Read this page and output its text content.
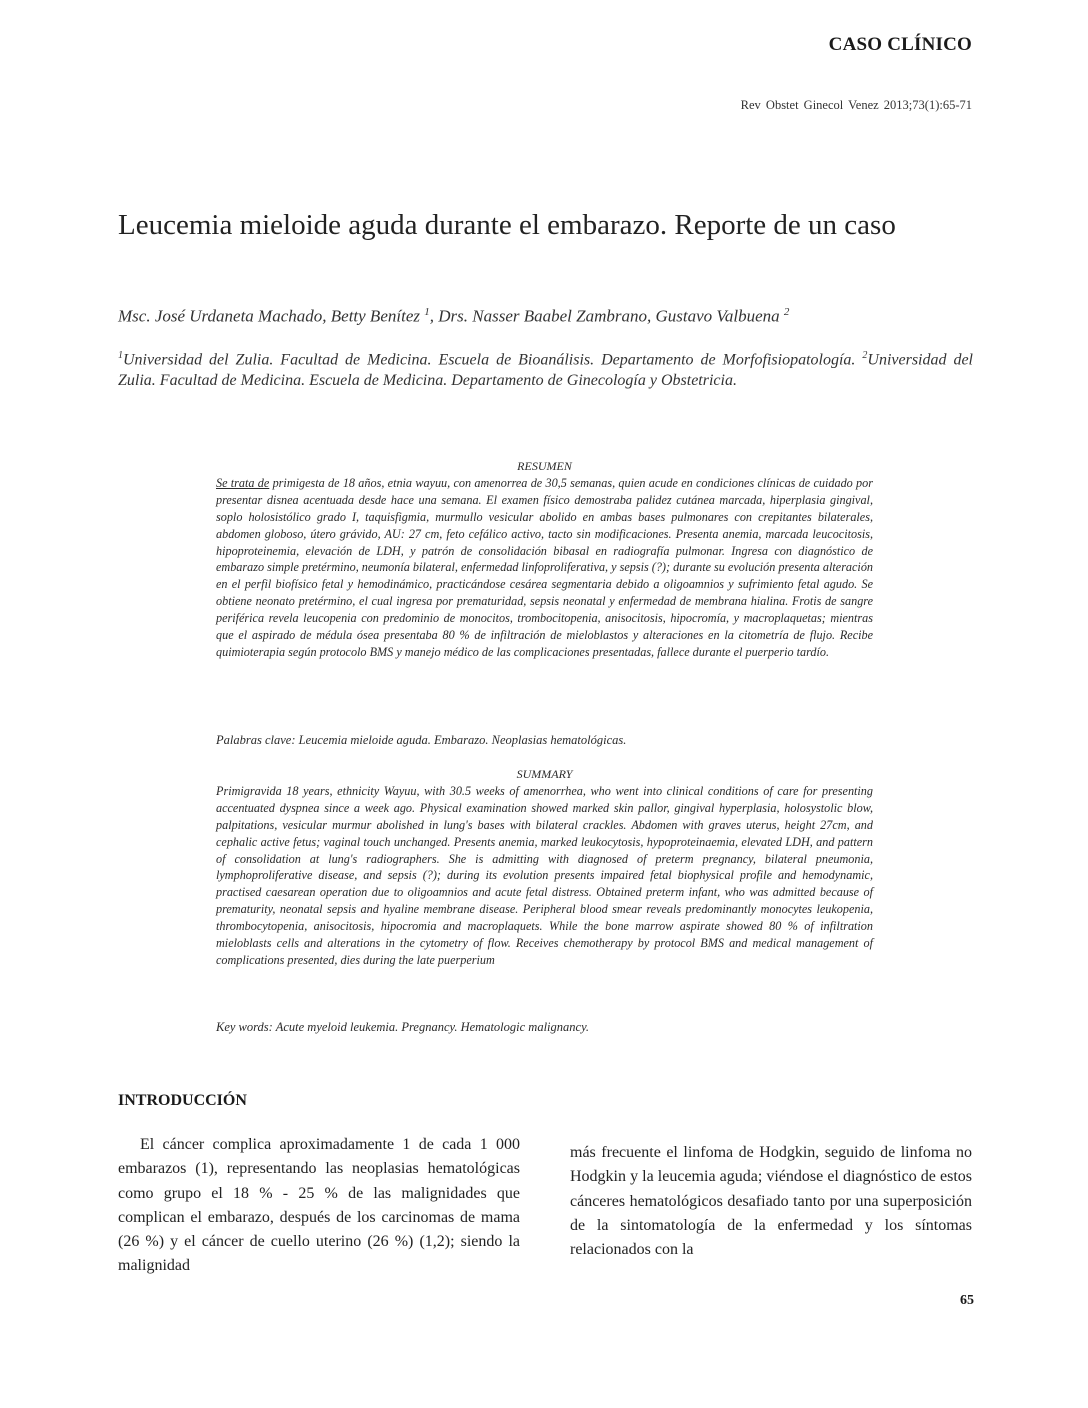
CASO CLÍNICO
Rev Obstet Ginecol Venez 2013;73(1):65-71
Leucemia mieloide aguda durante el embarazo. Reporte de un caso
Msc. José Urdaneta Machado, Betty Benítez $^1$, Drs. Nasser Baabel Zambrano, Gustavo Valbuena $^2$
$^1$Universidad del Zulia. Facultad de Medicina. Escuela de Bioanálisis. Departamento de Morfofisiopatología. $^2$Universidad del Zulia. Facultad de Medicina. Escuela de Medicina. Departamento de Ginecología y Obstetricia.
RESUMEN
Se trata de primigesta de 18 años, etnia wayuu, con amenorrea de 30,5 semanas, quien acude en condiciones clínicas de cuidado por presentar disnea acentuada desde hace una semana. El examen físico demostraba palidez cutánea marcada, hiperplasia gingival, soplo holosistólico grado I, taquisfigmia, murmullo vesicular abolido en ambas bases pulmonares con crepitantes bilaterales, abdomen globoso, útero grávido, AU: 27 cm, feto cefálico activo, tacto sin modificaciones. Presenta anemia, marcada leucocitosis, hipoproteinemia, elevación de LDH, y patrón de consolidación bibasal en radiografía pulmonar. Ingresa con diagnóstico de embarazo simple pretérmino, neumonía bilateral, enfermedad linfoproliferativa, y sepsis (?); durante su evolución presenta alteración en el perfil biofísico fetal y hemodinámico, practicándose cesárea segmentaria debido a oligoamnios y sufrimiento fetal agudo. Se obtiene neonato pretérmino, el cual ingresa por prematuridad, sepsis neonatal y enfermedad de membrana hialina. Frotis de sangre periférica revela leucopenia con predominio de monocitos, trombocitopenia, anisocitosis, hipocromía, y macroplaquetas; mientras que el aspirado de médula ósea presentaba 80 % de infiltración de mieloblastos y alteraciones en la citometría de flujo. Recibe quimioterapia según protocolo BMS y manejo médico de las complicaciones presentadas, fallece durante el puerperio tardío.
Palabras clave: Leucemia mieloide aguda. Embarazo. Neoplasias hematológicas.
SUMMARY
Primigravida 18 years, ethnicity Wayuu, with 30.5 weeks of amenorrhea, who went into clinical conditions of care for presenting accentuated dyspnea since a week ago. Physical examination showed marked skin pallor, gingival hyperplasia, holosystolic blow, palpitations, vesicular murmur abolished in lung's bases with bilateral crackles. Abdomen with graves uterus, height 27cm, and cephalic active fetus; vaginal touch unchanged. Presents anemia, marked leukocytosis, hypoproteinaemia, elevated LDH, and pattern of consolidation at lung's radiographers. She is admitting with diagnosed of preterm pregnancy, bilateral pneumonia, lymphoproliferative disease, and sepsis (?); during its evolution presents impaired fetal biophysical profile and hemodynamic, practised caesarean operation due to oligoamnios and acute fetal distress. Obtained preterm infant, who was admitted because of prematurity, neonatal sepsis and hyaline membrane disease. Peripheral blood smear reveals predominantly monocytes leukopenia, thrombocytopenia, anisocitosis, hipocromia and macroplaquets. While the bone marrow aspirate showed 80 % of infiltration mieloblasts cells and alterations in the cytometry of flow. Receives chemotherapy by protocol BMS and medical management of complications presented, dies during the late puerperium
Key words: Acute myeloid leukemia. Pregnancy. Hematologic malignancy.
INTRODUCCIÓN
El cáncer complica aproximadamente 1 de cada 1 000 embarazos (1), representando las neoplasias hematológicas como grupo el 18 % - 25 % de las malignidades que complican el embarazo, después de los carcinomas de mama (26 %) y el cáncer de cuello uterino (26 %) (1,2); siendo la malignidad
más frecuente el linfoma de Hodgkin, seguido de linfoma no Hodgkin y la leucemia aguda; viéndose el diagnóstico de estos cánceres hematológicos desafiado tanto por una superposición de la sintomatología de la enfermedad y los síntomas relacionados con la
65
